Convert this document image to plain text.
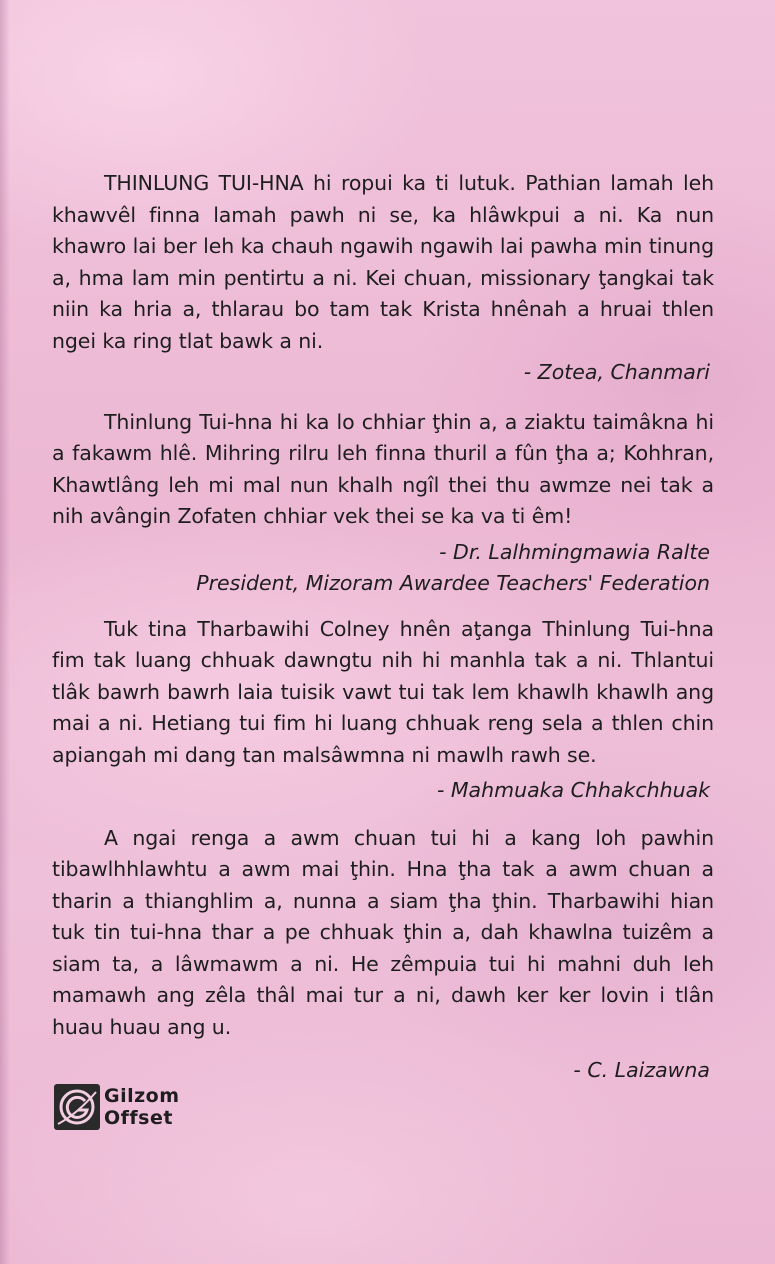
THINLUNG TUI-HNA hi ropui ka ti lutuk. Pathian lamah leh khawvêl finna lamah pawh ni se, ka hlâwkpui a ni. Ka nun khawro lai ber leh ka chauh ngawih ngawih lai pawha min tinung a, hma lam min pentirtu a ni. Kei chuan, missionary ţangkai tak niin ka hria a, thlarau bo tam tak Krista hnênah a hruai thlen ngei ka ring tlat bawk a ni.

- Zotea, Chanmari

Thinlung Tui-hna hi ka lo chhiar ţhin a, a ziaktu taimâkna hi a fakawm hlê. Mihring rilru leh finna thuril a fûn ţha a; Kohhran, Khawtlâng leh mi mal nun khalh ngîl thei thu awmze nei tak a nih avângin Zofaten chhiar vek thei se ka va ti êm!

- Dr. Lalhmingmawia Ralte
President, Mizoram Awardee Teachers' Federation

Tuk tina Tharbawihi Colney hnên aţanga Thinlung Tui-hna fim tak luang chhuak dawngtu nih hi manhla tak a ni. Thlantui tlâk bawrh bawrh laia tuisik vawt tui tak lem khawlh khawlh ang mai a ni. Hetiang tui fim hi luang chhuak reng sela a thlen chin apiangah mi dang tan malsâwmna ni mawlh rawh se.

- Mahmuaka Chhakchhuak

A ngai renga a awm chuan tui hi a kang loh pawhin tibawlhhlawhtu a awm mai ţhin. Hna ţha tak a awm chuan a tharin a thianghlim a, nunna a siam ţha ţhin. Tharbawihi hian tuk tin tui-hna thar a pe chhuak ţhin a, dah khawlna tuizêm a siam ta, a lâwmawm a ni. He zêmpuia tui hi mahni duh leh mamawh ang zêla thâl mai tur a ni, dawh ker ker lovin i tlân huau huau ang u.

- C. Laizawna
Gilzom
Offset
